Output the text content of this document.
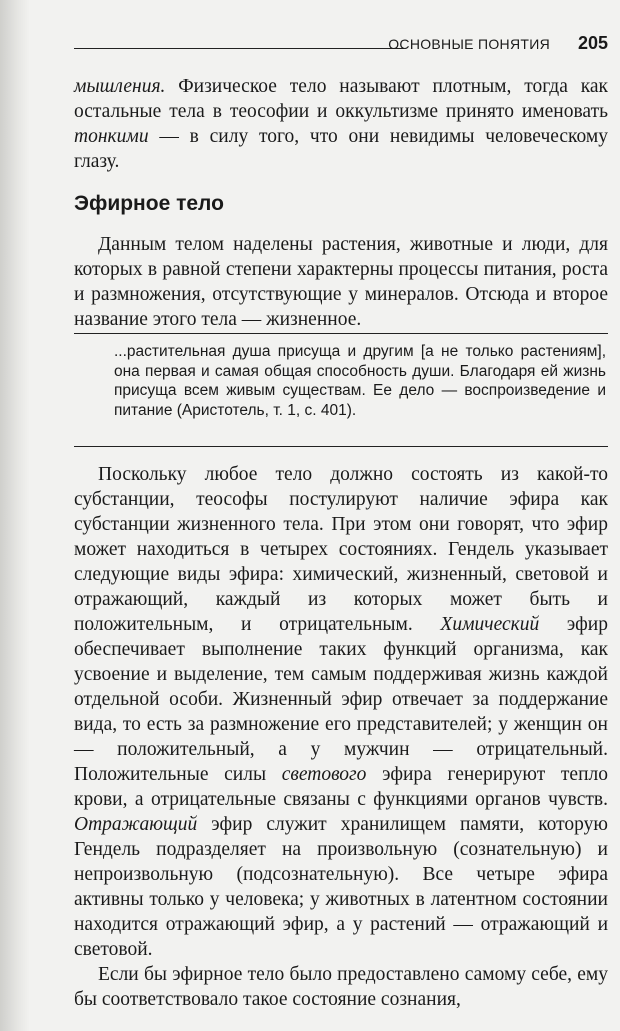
ОСНОВНЫЕ ПОНЯТИЯ 205

мышления. Физическое тело называют плотным, тогда как остальные тела в теософии и оккультизме принято именовать тонкими — в силу того, что они невидимы человеческому глазу.

Эфирное тело

Данным телом наделены растения, животные и люди, для которых в равной степени характерны процессы питания, роста и размножения, отсутствующие у минералов. Отсюда и второе название этого тела — жизненное.

...растительная душа присуща и другим [а не только растениям], она первая и самая общая способность души. Благодаря ей жизнь присуща всем живым существам. Ее дело — воспроизведение и питание (Аристотель, т. 1, с. 401).

Поскольку любое тело должно состоять из какой-то субстанции, теософы постулируют наличие эфира как субстанции жизненного тела. При этом они говорят, что эфир может находиться в четырех состояниях. Гендель указывает следующие виды эфира: химический, жизненный, световой и отражающий, каждый из которых может быть и положительным, и отрицательным. Химический эфир обеспечивает выполнение таких функций организма, как усвоение и выделение, тем самым поддерживая жизнь каждой отдельной особи. Жизненный эфир отвечает за поддержание вида, то есть за размножение его представителей; у женщин он — положительный, а у мужчин — отрицательный. Положительные силы светового эфира генерируют тепло крови, а отрицательные связаны с функциями органов чувств. Отражающий эфир служит хранилищем памяти, которую Гендель подразделяет на произвольную (сознательную) и непроизвольную (подсознательную). Все четыре эфира активны только у человека; у животных в латентном состоянии находится отражающий эфир, а у растений — отражающий и световой.

Если бы эфирное тело было предоставлено самому себе, ему бы соответствовало такое состояние сознания,
